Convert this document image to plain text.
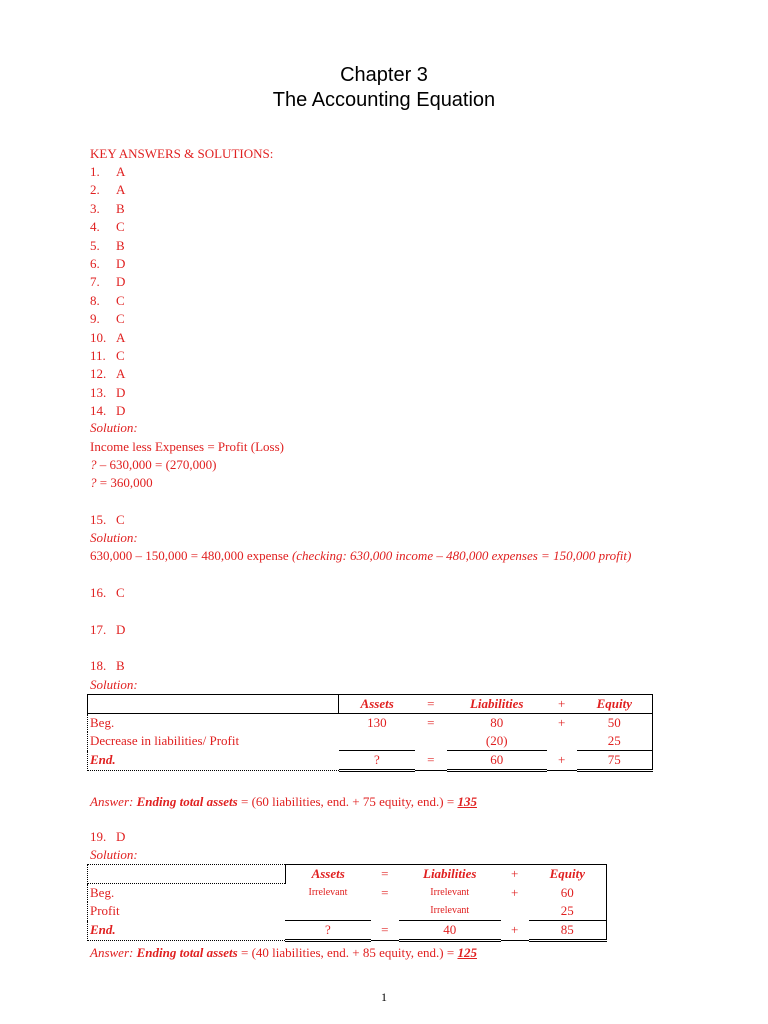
Chapter 3
The Accounting Equation
KEY ANSWERS & SOLUTIONS:
1. A
2. A
3. B
4. C
5. B
6. D
7. D
8. C
9. C
10. A
11. C
12. A
13. D
14. D
Solution:
Income less Expenses = Profit (Loss)
? – 630,000 = (270,000)
? = 360,000
15. C
Solution:
630,000 – 150,000 = 480,000 expense (checking: 630,000 income – 480,000 expenses = 150,000 profit)
16. C
17. D
18. B
Solution:
	Assets	=	Liabilities	+	Equity
Beg.	130	=	80	+	50
Decrease in liabilities/ Profit			(20)		25
End.	?	=	60	+	75
Answer: Ending total assets = (60 liabilities, end. + 75 equity, end.) = 135
19. D
Solution:
	Assets	=	Liabilities	+	Equity
Beg.	Irrelevant	=	Irrelevant	+	60
Profit			Irrelevant		25
End.	?	=	40	+	85
Answer: Ending total assets = (40 liabilities, end. + 85 equity, end.) = 125
1
